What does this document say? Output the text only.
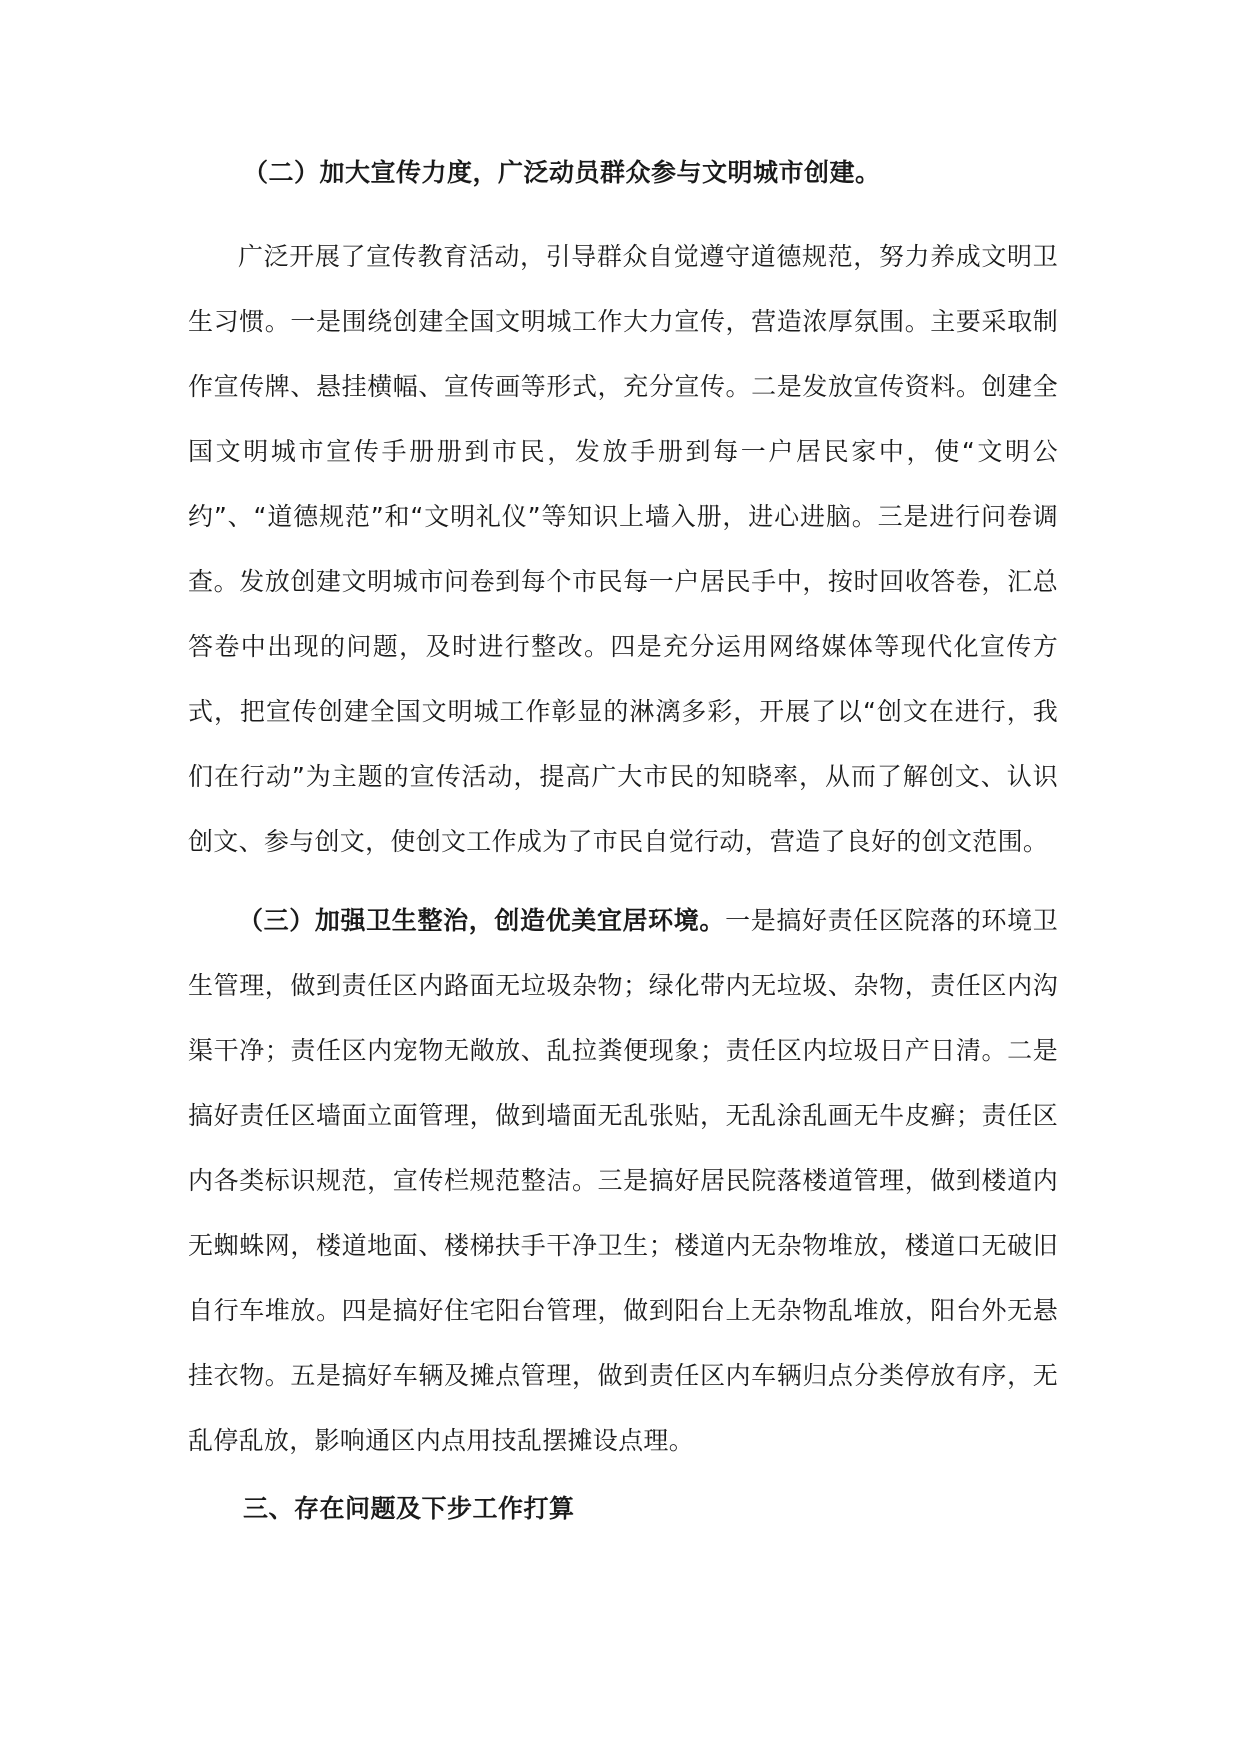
（二）加大宣传力度，广泛动员群众参与文明城市创建。

广泛开展了宣传教育活动，引导群众自觉遵守道德规范，努力养成文明卫生习惯。一是围绕创建全国文明城工作大力宣传，营造浓厚氛围。主要采取制作宣传牌、悬挂横幅、宣传画等形式，充分宣传。二是发放宣传资料。创建全国文明城市宣传手册册到市民，发放手册到每一户居民家中，使“文明公约”、“道德规范”和“文明礼仪”等知识上墙入册，进心进脑。三是进行问卷调查。发放创建文明城市问卷到每个市民每一户居民手中，按时回收答卷，汇总答卷中出现的问题，及时进行整改。四是充分运用网络媒体等现代化宣传方式，把宣传创建全国文明城工作彰显的淋漓多彩，开展了以“创文在进行，我们在行动”为主题的宣传活动，提高广大市民的知晓率，从而了解创文、认识创文、参与创文，使创文工作成为了市民自觉行动，营造了良好的创文范围。

（三）加强卫生整治，创造优美宜居环境。一是搞好责任区院落的环境卫生管理，做到责任区内路面无垃圾杂物；绿化带内无垃圾、杂物，责任区内沟渠干净；责任区内宠物无敞放、乱拉粪便现象；责任区内垃圾日产日清。二是搞好责任区墙面立面管理，做到墙面无乱张贴，无乱涂乱画无牛皮癣；责任区内各类标识规范，宣传栏规范整洁。三是搞好居民院落楼道管理，做到楼道内无蜘蛛网，楼道地面、楼梯扶手干净卫生；楼道内无杂物堆放，楼道口无破旧自行车堆放。四是搞好住宅阳台管理，做到阳台上无杂物乱堆放，阳台外无悬挂衣物。五是搞好车辆及摊点管理，做到责任区内车辆归点分类停放有序，无乱停乱放，影响通区内点用技乱摆摊设点理。

三、存在问题及下步工作打算
